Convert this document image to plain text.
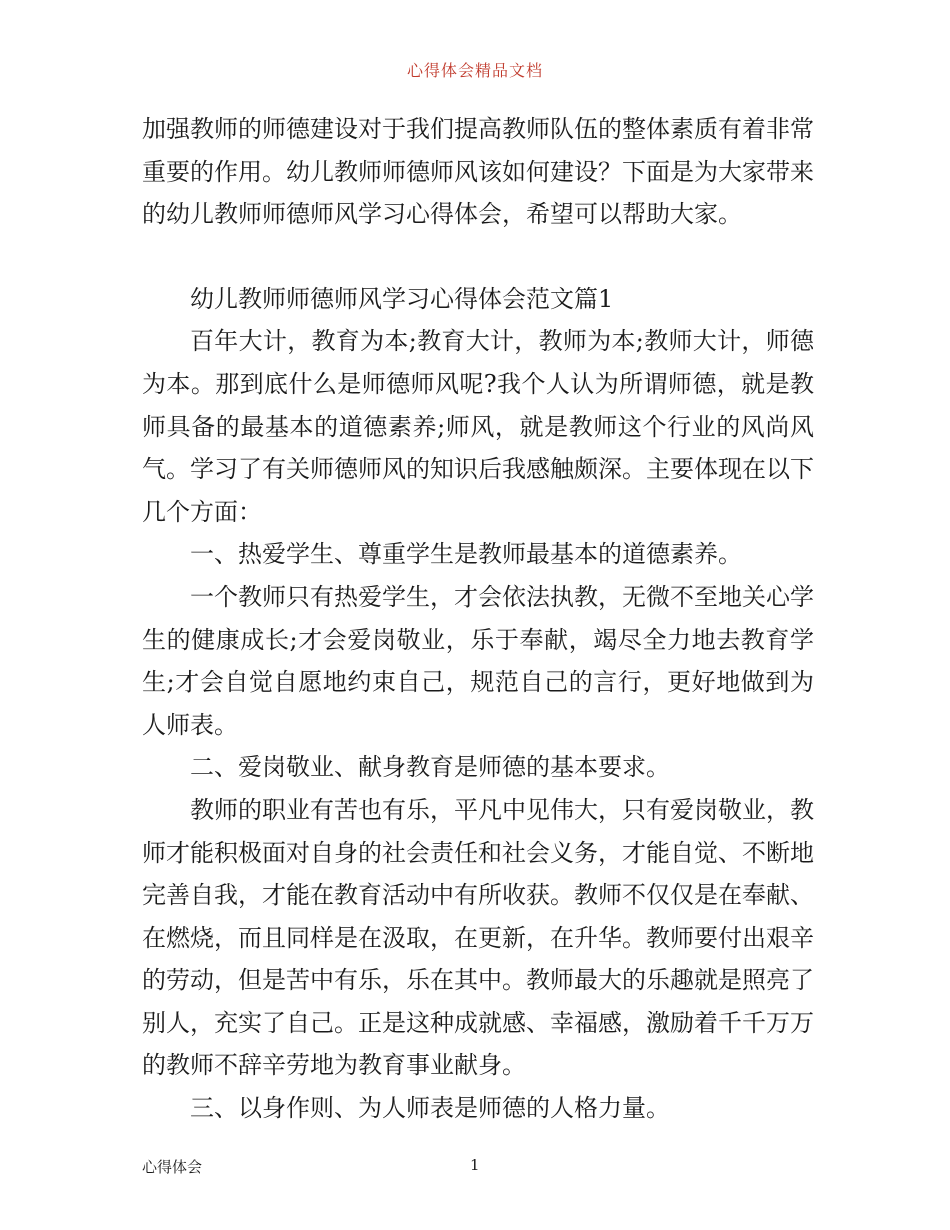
心得体会精品文档

加强教师的师德建设对于我们提高教师队伍的整体素质有着非常重要的作用。幼儿教师师德师风该如何建设？下面是为大家带来的幼儿教师师德师风学习心得体会，希望可以帮助大家。

幼儿教师师德师风学习心得体会范文篇1

百年大计，教育为本;教育大计，教师为本;教师大计，师德为本。那到底什么是师德师风呢?我个人认为所谓师德，就是教师具备的最基本的道德素养;师风，就是教师这个行业的风尚风气。学习了有关师德师风的知识后我感触颇深。主要体现在以下几个方面：

一、热爱学生、尊重学生是教师最基本的道德素养。

一个教师只有热爱学生，才会依法执教，无微不至地关心学生的健康成长;才会爱岗敬业，乐于奉献，竭尽全力地去教育学生;才会自觉自愿地约束自己，规范自己的言行，更好地做到为人师表。

二、爱岗敬业、献身教育是师德的基本要求。

教师的职业有苦也有乐，平凡中见伟大，只有爱岗敬业，教师才能积极面对自身的社会责任和社会义务，才能自觉、不断地完善自我，才能在教育活动中有所收获。教师不仅仅是在奉献、在燃烧，而且同样是在汲取，在更新，在升华。教师要付出艰辛的劳动，但是苦中有乐，乐在其中。教师最大的乐趣就是照亮了别人，充实了自己。正是这种成就感、幸福感，激励着千千万万的教师不辞辛劳地为教育事业献身。

三、以身作则、为人师表是师德的人格力量。

心得体会	1
